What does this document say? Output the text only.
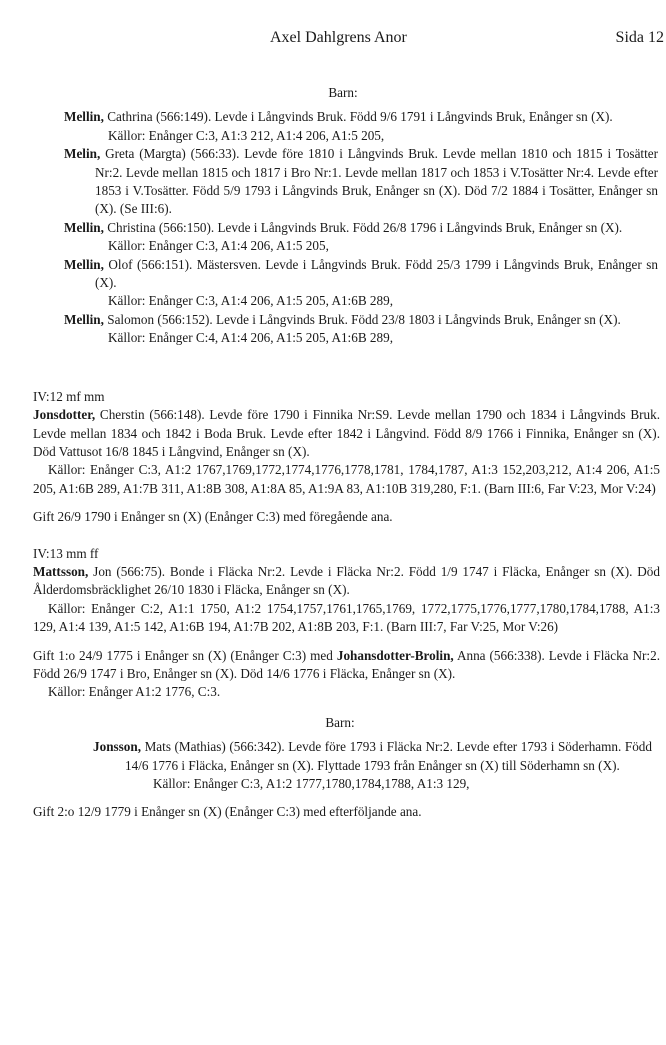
Axel Dahlgrens Anor	Sida 12
Barn:
Mellin, Cathrina (566:149). Levde i Långvinds Bruk. Född 9/6 1791 i Långvinds Bruk, Enånger sn (X).
Källor: Enånger C:3, A1:3 212, A1:4 206, A1:5 205,
Melin, Greta (Margta) (566:33). Levde före 1810 i Långvinds Bruk. Levde mellan 1810 och 1815 i Tosätter Nr:2. Levde mellan 1815 och 1817 i Bro Nr:1. Levde mellan 1817 och 1853 i V.Tosätter Nr:4. Levde efter 1853 i V.Tosätter. Född 5/9 1793 i Långvinds Bruk, Enånger sn (X). Död 7/2 1884 i Tosätter, Enånger sn (X). (Se III:6).
Mellin, Christina (566:150). Levde i Långvinds Bruk. Född 26/8 1796 i Långvinds Bruk, Enånger sn (X).
Källor: Enånger C:3, A1:4 206, A1:5 205,
Mellin, Olof (566:151). Mästersven. Levde i Långvinds Bruk. Född 25/3 1799 i Långvinds Bruk, Enånger sn (X).
Källor: Enånger C:3, A1:4 206, A1:5 205, A1:6B 289,
Mellin, Salomon (566:152). Levde i Långvinds Bruk. Född 23/8 1803 i Långvinds Bruk, Enånger sn (X).
Källor: Enånger C:4, A1:4 206, A1:5 205, A1:6B 289,
IV:12 mf mm
Jonsdotter, Cherstin (566:148). Levde före 1790 i Finnika Nr:S9. Levde mellan 1790 och 1834 i Långvinds Bruk. Levde mellan 1834 och 1842 i Boda Bruk. Levde efter 1842 i Långvind. Född 8/9 1766 i Finnika, Enånger sn (X). Död Vattusot 16/8 1845 i Långvind, Enånger sn (X).
Källor: Enånger C:3, A1:2 1767,1769,1772,1774,1776,1778,1781, 1784,1787, A1:3 152,203,212, A1:4 206, A1:5 205, A1:6B 289, A1:7B 311, A1:8B 308, A1:8A 85, A1:9A 83, A1:10B 319,280, F:1. (Barn III:6, Far V:23, Mor V:24)
Gift 26/9 1790 i Enånger sn (X) (Enånger C:3) med föregående ana.
IV:13 mm ff
Mattsson, Jon (566:75). Bonde i Fläcka Nr:2. Levde i Fläcka Nr:2. Född 1/9 1747 i Fläcka, Enånger sn (X). Död Ålderdomsbräcklighet 26/10 1830 i Fläcka, Enånger sn (X).
Källor: Enånger C:2, A1:1 1750, A1:2 1754,1757,1761,1765,1769, 1772,1775,1776,1777,1780,1784,1788, A1:3 129, A1:4 139, A1:5 142, A1:6B 194, A1:7B 202, A1:8B 203, F:1. (Barn III:7, Far V:25, Mor V:26)
Gift 1:o 24/9 1775 i Enånger sn (X) (Enånger C:3) med Johansdotter-Brolin, Anna (566:338). Levde i Fläcka Nr:2. Född 26/9 1747 i Bro, Enånger sn (X). Död 14/6 1776 i Fläcka, Enånger sn (X).
Källor: Enånger A1:2 1776, C:3.
Barn:
Jonsson, Mats (Mathias) (566:342). Levde före 1793 i Fläcka Nr:2. Levde efter 1793 i Söderhamn. Född 14/6 1776 i Fläcka, Enånger sn (X). Flyttade 1793 från Enånger sn (X) till Söderhamn sn (X).
Källor: Enånger C:3, A1:2 1777,1780,1784,1788, A1:3 129,
Gift 2:o 12/9 1779 i Enånger sn (X) (Enånger C:3) med efterföljande ana.
